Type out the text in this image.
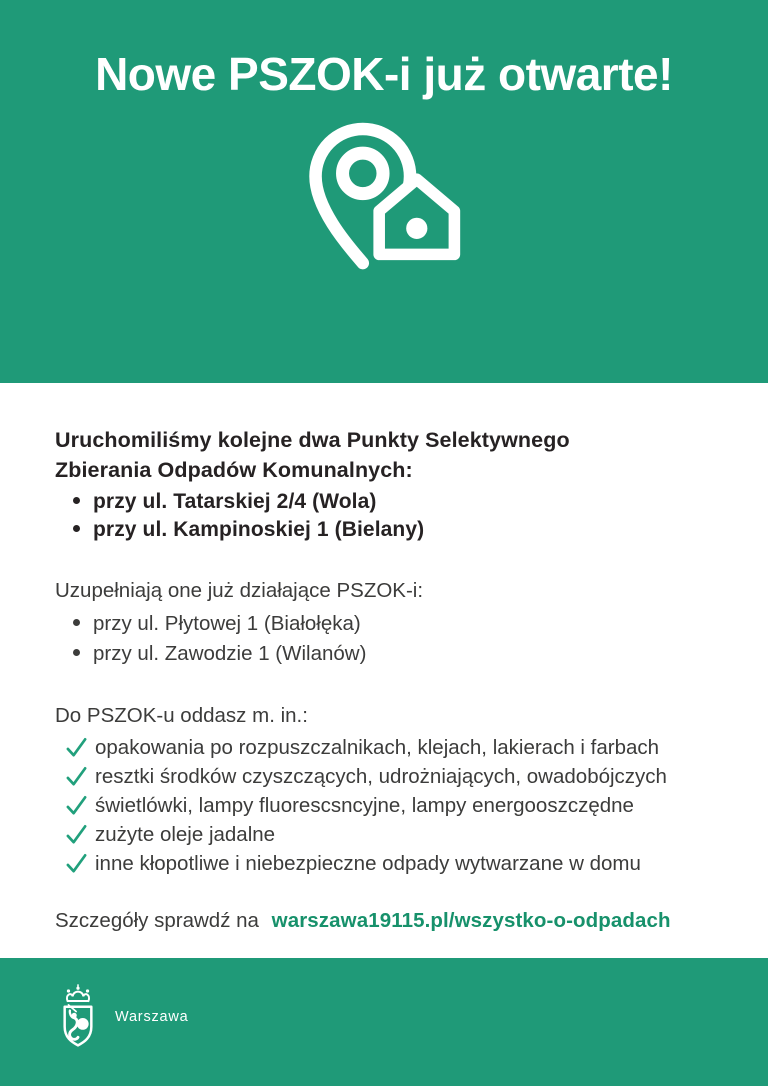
Nowe PSZOK-i już otwarte!

Uruchomiliśmy kolejne dwa Punkty Selektywnego Zbierania Odpadów Komunalnych:

przy ul. Tatarskiej 2/4 (Wola)
przy ul. Kampinoskiej 1 (Bielany)

Uzupełniają one już działające PSZOK-i:

przy ul. Płytowej 1 (Białołęka)
przy ul. Zawodzie 1 (Wilanów)

Do PSZOK-u oddasz m. in.:

opakowania po rozpuszczalnikach, klejach, lakierach i farbach
resztki środków czyszczących, udrożniających, owadobójczych
świetlówki, lampy fluorescsncyjne, lampy energooszczędne
zużyte oleje jadalne
inne kłopotliwe i niebezpieczne odpady wytwarzane w domu

Szczegóły sprawdź na warszawa19115.pl/wszystko-o-odpadach

Warszawa
